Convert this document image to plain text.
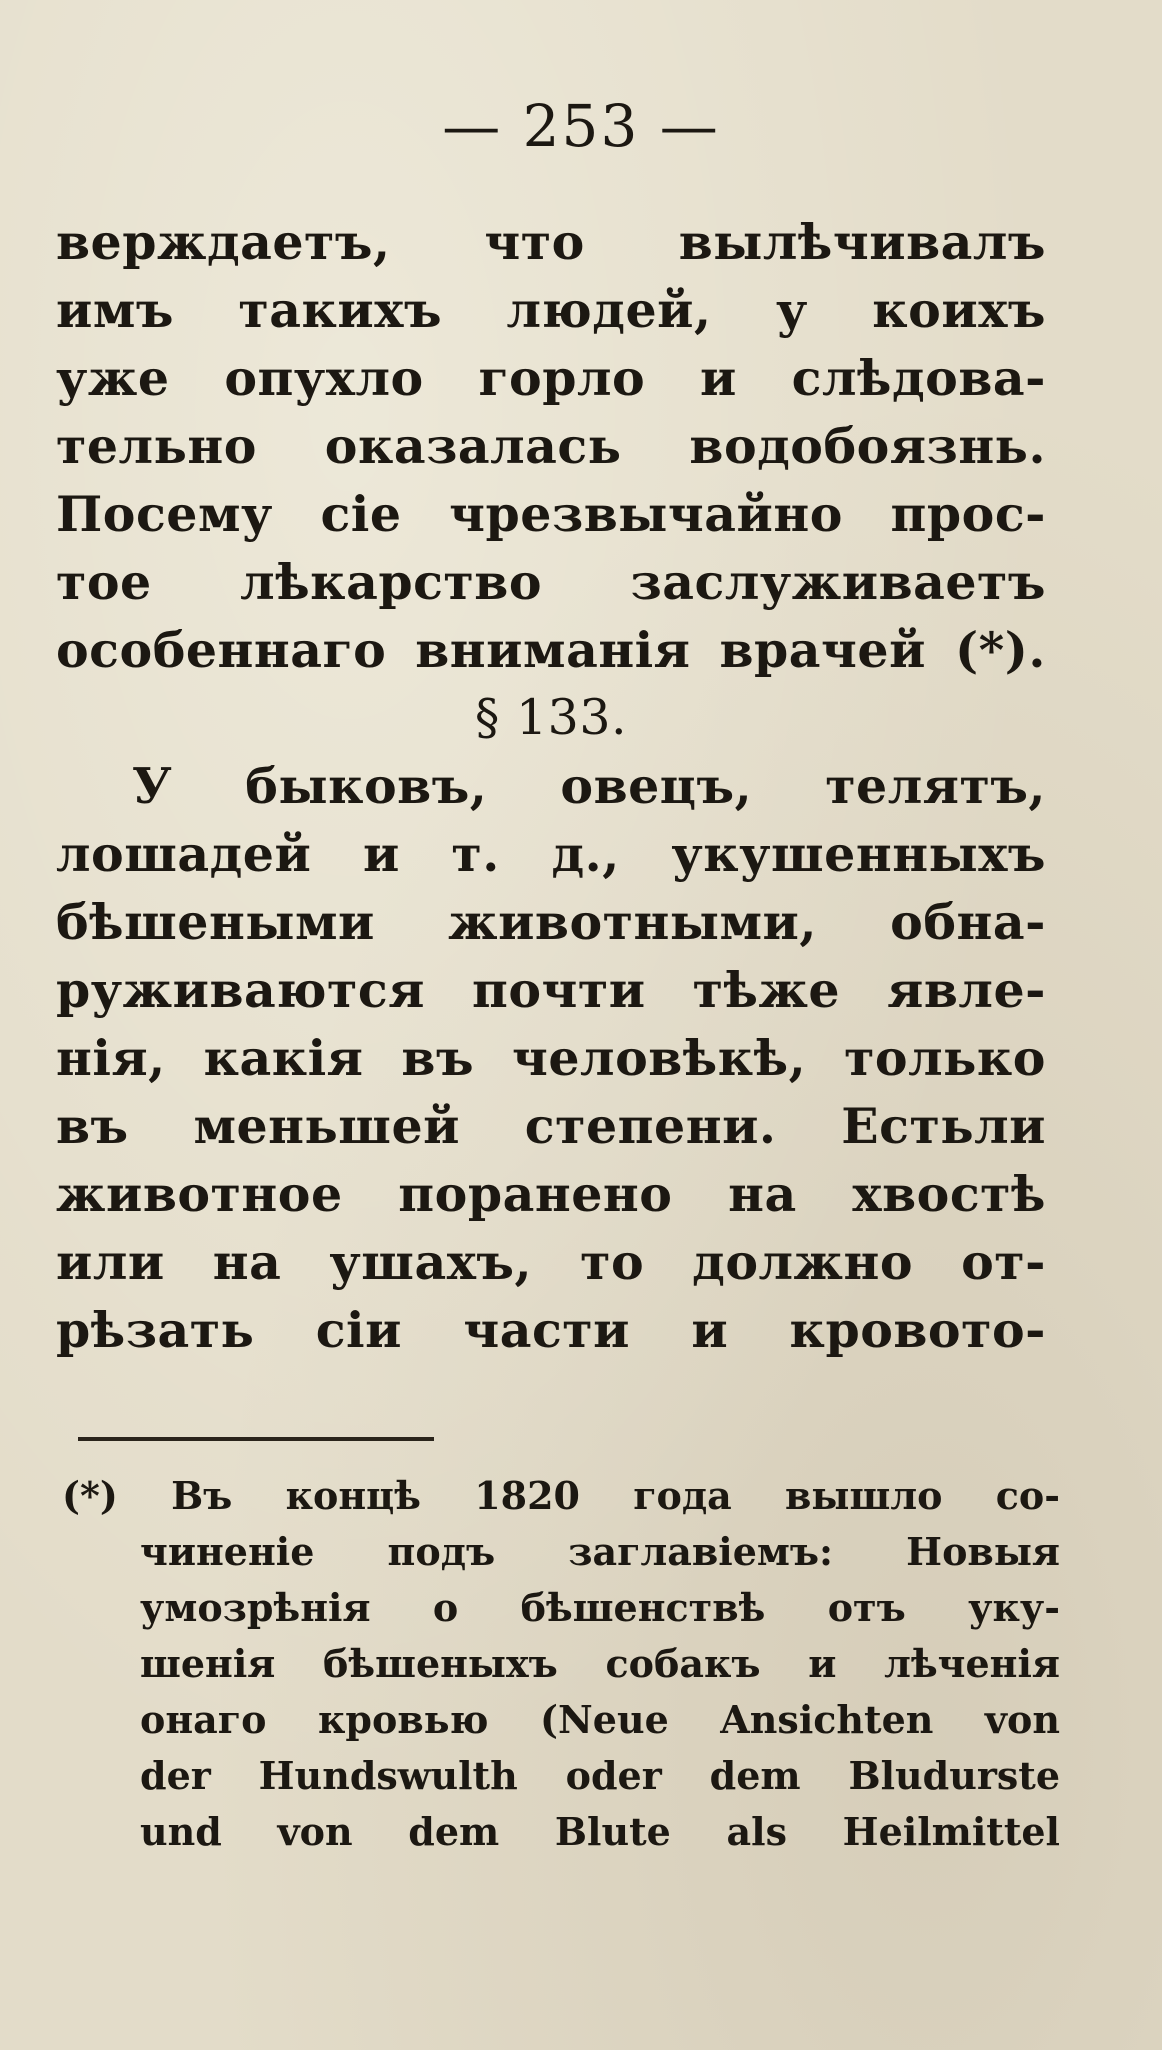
— 253 —
верждаетъ, что вылѣчивалъ
имъ такихъ людей, у коихъ
уже опухло горло и слѣдова-
тельно оказалась водобоязнь.
Посему сіе чрезвычайно прос-
тое лѣкарство заслуживаетъ
особеннаго вниманія врачей (*).
§ 133.
У быковъ, овецъ, телятъ,
лошадей и т. д., укушенныхъ
бѣшеными животными, обна-
руживаются почти тѣже явле-
нія, какія въ человѣкѣ, только
въ меньшей степени. Естьли
животное поранено на хвостѣ
или на ушахъ, то должно от-
рѣзать сіи части и кровото-
(*) Въ концѣ 1820 года вышло со-
чиненіе подъ заглавіемъ: Новыя
умозрѣнія о бѣшенствѣ отъ уку-
шенія бѣшеныхъ собакъ и лѣченія
онаго кровью (Neue Ansichten von
der Hundswulth oder dem Bludurste
und von dem Blute als Heilmittel
